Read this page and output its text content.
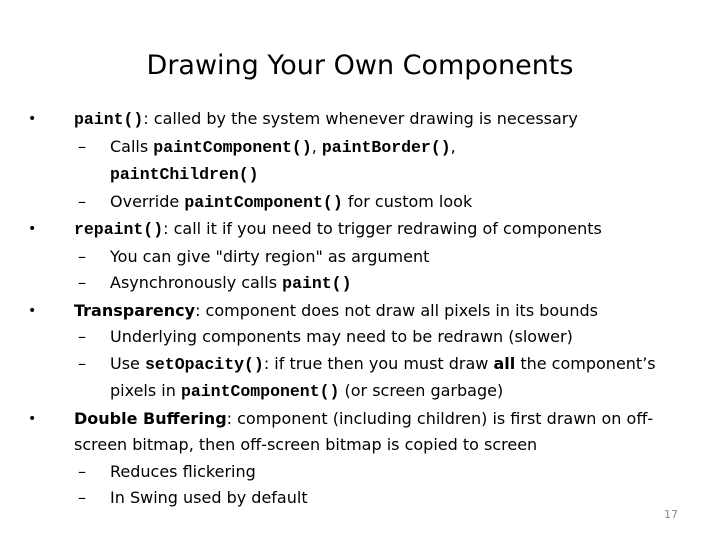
Drawing Your Own Components
• paint(): called by the system whenever drawing is necessary
– Calls paintComponent(), paintBorder(),
paintChildren()
– Override paintComponent() for custom look
• repaint(): call it if you need to trigger redrawing of components
– You can give "dirty region" as argument
– Asynchronously calls paint()
• Transparency: component does not draw all pixels in its bounds
– Underlying components may need to be redrawn (slower)
– Use setOpacity(): if true then you must draw all the component’s
pixels in paintComponent() (or screen garbage)
• Double Buffering: component (including children) is first drawn on off-
screen bitmap, then off-screen bitmap is copied to screen
– Reduces flickering
– In Swing used by default
17
